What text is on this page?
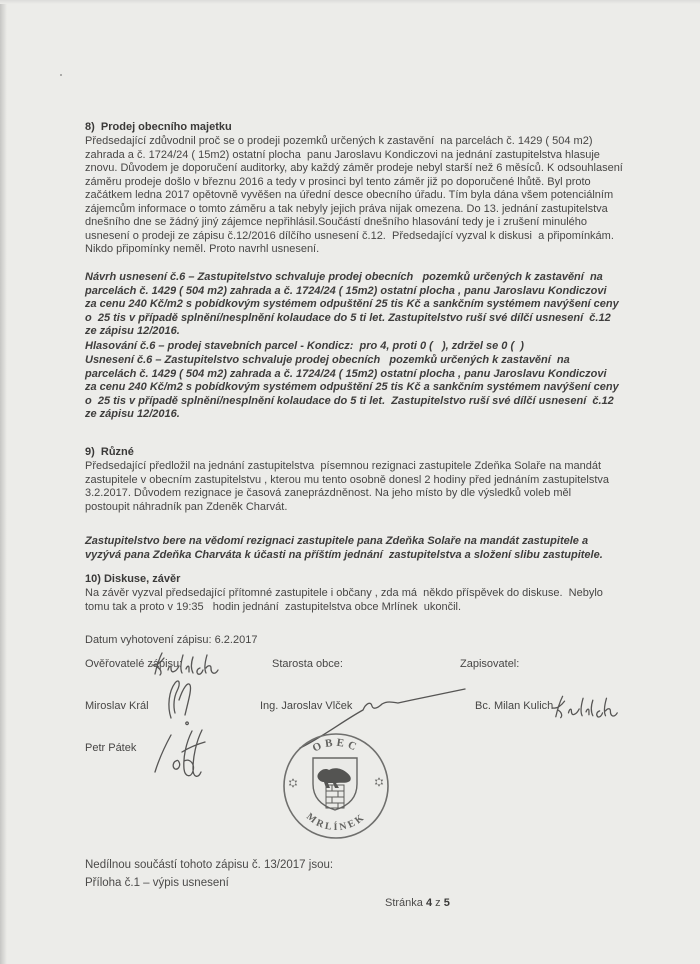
8)  Prodej obecního majetku
Předsedající zdůvodnil proč se o prodeji pozemků určených k zastavění  na parcelách č. 1429 ( 504 m2) zahrada a č. 1724/24 ( 15m2) ostatní plocha  panu Jaroslavu Kondiczovi na jednání zastupitelstva hlasuje znovu. Důvodem je doporučení auditorky, aby každý záměr prodeje nebyl starší než 6 měsíců. K odsouhlasení záměru prodeje došlo v březnu 2016 a tedy v prosinci byl tento záměr již po doporučené lhůtě. Byl proto začátkem ledna 2017 opětovně vyvěšen na úřední desce obecního úřadu. Tím byla dána všem potenciálním zájemcům informace o tomto záměru a tak nebyly jejich práva nijak omezena. Do 13. jednání zastupitelstva dnešního dne se žádný jiný zájemce nepřihlásil.Součástí dnešního hlasování tedy je i zrušení minulého usnesení o prodeji ze zápisu č.12/2016 dílčího usnesení č.12.  Předsedající vyzval k diskusi  a připomínkám. Nikdo připomínky neměl. Proto navrhl usnesení.
Návrh usnesení č.6 – Zastupitelstvo schvaluje prodej obecních   pozemků určených k zastavění  na parcelách č. 1429 ( 504 m2) zahrada a č. 1724/24 ( 15m2) ostatní plocha , panu Jaroslavu Kondiczovi za cenu 240 Kč/m2 s pobídkovým systémem odpuštění 25 tis Kč a sankčním systémem navýšení ceny o  25 tis v případě splnění/nesplnění kolaudace do 5 ti let. Zastupitelstvo ruší své dílčí usnesení  č.12 ze zápisu 12/2016.
Hlasování č.6 – prodej stavebních parcel - Kondicz:  pro 4, proti 0 (   ), zdržel se 0 (  )
Usnesení č.6 – Zastupitelstvo schvaluje prodej obecních   pozemků určených k zastavění  na parcelách č. 1429 ( 504 m2) zahrada a č. 1724/24 ( 15m2) ostatní plocha , panu Jaroslavu Kondiczovi za cenu 240 Kč/m2 s pobídkovým systémem odpuštění 25 tis Kč a sankčním systémem navýšení ceny o  25 tis v případě splnění/nesplnění kolaudace do 5 ti let.  Zastupitelstvo ruší své dílčí usnesení  č.12 ze zápisu 12/2016.
9)  Různé
Předsedající předložil na jednání zastupitelstva  písemnou rezignaci zastupitele Zdeňka Solaře na mandát zastupitele v obecním zastupitelstvu , kterou mu tento osobně donesl 2 hodiny před jednáním zastupitelstva 3.2.2017. Důvodem rezignace je časová zaneprázdněnost. Na jeho místo by dle výsledků voleb měl postoupit náhradník pan Zdeněk Charvát.
Zastupitelstvo bere na vědomí rezignaci zastupitele pana Zdeňka Solaře na mandát zastupitele a vyzývá pana Zdeňka Charváta k účasti na příštím jednání  zastupitelstva a složení slibu zastupitele.
10) Diskuse, závěr
Na závěr vyzval předsedající přítomné zastupitele i občany , zda má  někdo příspěvek do diskuse.  Nebylo tomu tak a proto v 19:35   hodin jednání  zastupitelstva obce Mrlínek  ukončil.
Datum vyhotovení zápisu: 6.2.2017
Ověřovatelé zápisu:	Starosta obce:	Zapisovatel:
Miroslav Král	Ing. Jaroslav Vlček	Bc. Milan Kulich
Petr Pátek	OBEC
MRLÍNEK
Nedílnou součástí tohoto zápisu č. 13/2017 jsou:
Příloha č.1 – výpis usnesení
Stránka 4 z 5
